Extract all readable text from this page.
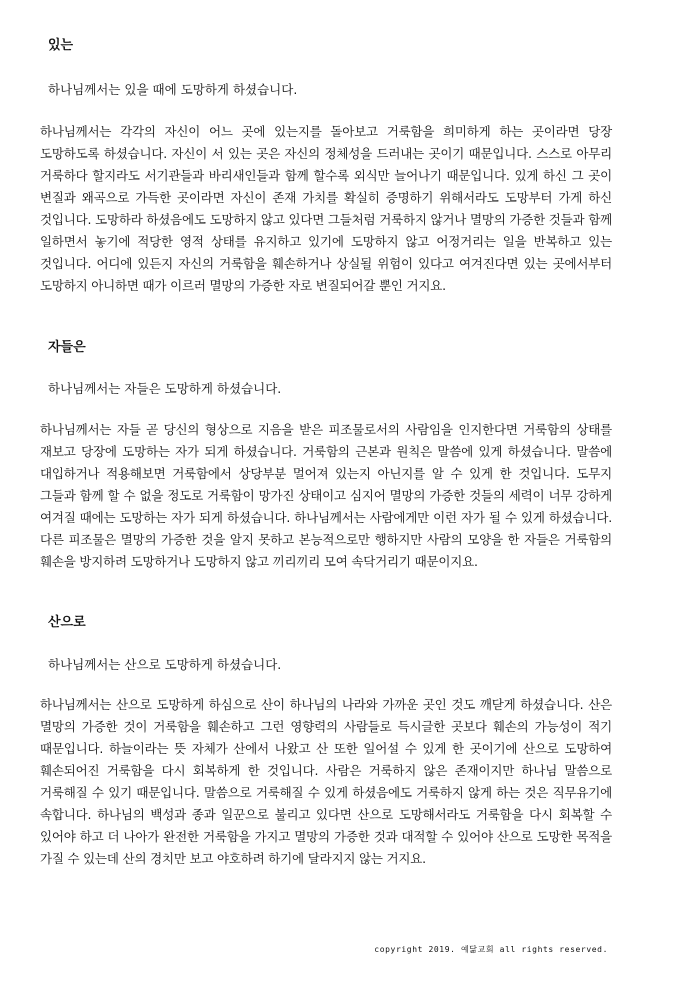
있는

하나님께서는 있을 때에 도망하게 하셨습니다.

하나님께서는 각각의 자신이 어느 곳에 있는지를 돌아보고 거룩함을 희미하게 하는 곳이라면 당장 도망하도록 하셨습니다. 자신이 서 있는 곳은 자신의 정체성을 드러내는 곳이기 때문입니다. 스스로 아무리 거룩하다 할지라도 서기관들과 바리새인들과 함께 할수록 외식만 늘어나기 때문입니다. 있게 하신 그 곳이 변질과 왜곡으로 가득한 곳이라면 자신이 존재 가치를 확실히 증명하기 위해서라도 도망부터 가게 하신 것입니다. 도망하라 하셨음에도 도망하지 않고 있다면 그들처럼 거룩하지 않거나 멸망의 가증한 것들과 함께 일하면서 놓기에 적당한 영적 상태를 유지하고 있기에 도망하지 않고 어정거리는 일을 반복하고 있는 것입니다. 어디에 있든지 자신의 거룩함을 훼손하거나 상실될 위험이 있다고 여겨진다면 있는 곳에서부터 도망하지 아니하면 때가 이르러 멸망의 가증한 자로 변질되어갈 뿐인 거지요.

자들은

하나님께서는 자들은 도망하게 하셨습니다.

하나님께서는 자들 곧 당신의 형상으로 지음을 받은 피조물로서의 사람임을 인지한다면 거룩함의 상태를 재보고 당장에 도망하는 자가 되게 하셨습니다. 거룩함의 근본과 원칙은 말씀에 있게 하셨습니다. 말씀에 대입하거나 적용해보면 거룩함에서 상당부분 멀어져 있는지 아닌지를 알 수 있게 한 것입니다. 도무지 그들과 함께 할 수 없을 정도로 거룩함이 망가진 상태이고 심지어 멸망의 가증한 것들의 세력이 너무 강하게 여겨질 때에는 도망하는 자가 되게 하셨습니다. 하나님께서는 사람에게만 이런 자가 될 수 있게 하셨습니다. 다른 피조물은 멸망의 가증한 것을 알지 못하고 본능적으로만 행하지만 사람의 모양을 한 자들은 거룩함의 훼손을 방지하려 도망하거나 도망하지 않고 끼리끼리 모여 속닥거리기 때문이지요.

산으로

하나님께서는 산으로 도망하게 하셨습니다.

하나님께서는 산으로 도망하게 하심으로 산이 하나님의 나라와 가까운 곳인 것도 깨닫게 하셨습니다. 산은 멸망의 가증한 것이 거룩함을 훼손하고 그런 영향력의 사람들로 득시글한 곳보다 훼손의 가능성이 적기 때문입니다. 하늘이라는 뜻 자체가 산에서 나왔고 산 또한 일어설 수 있게 한 곳이기에 산으로 도망하여 훼손되어진 거룩함을 다시 회복하게 한 것입니다. 사람은 거룩하지 않은 존재이지만 하나님 말씀으로 거룩해질 수 있기 때문입니다. 말씀으로 거룩해질 수 있게 하셨음에도 거룩하지 않게 하는 것은 직무유기에 속합니다. 하나님의 백성과 종과 일꾼으로 불리고 있다면 산으로 도망해서라도 거룩함을 다시 회복할 수 있어야 하고 더 나아가 완전한 거룩함을 가지고 멸망의 가증한 것과 대적할 수 있어야 산으로 도망한 목적을 가질 수 있는데 산의 경치만 보고 야호하려 하기에 달라지지 않는 거지요.

copyright 2019. 예닮교회 all rights reserved.
